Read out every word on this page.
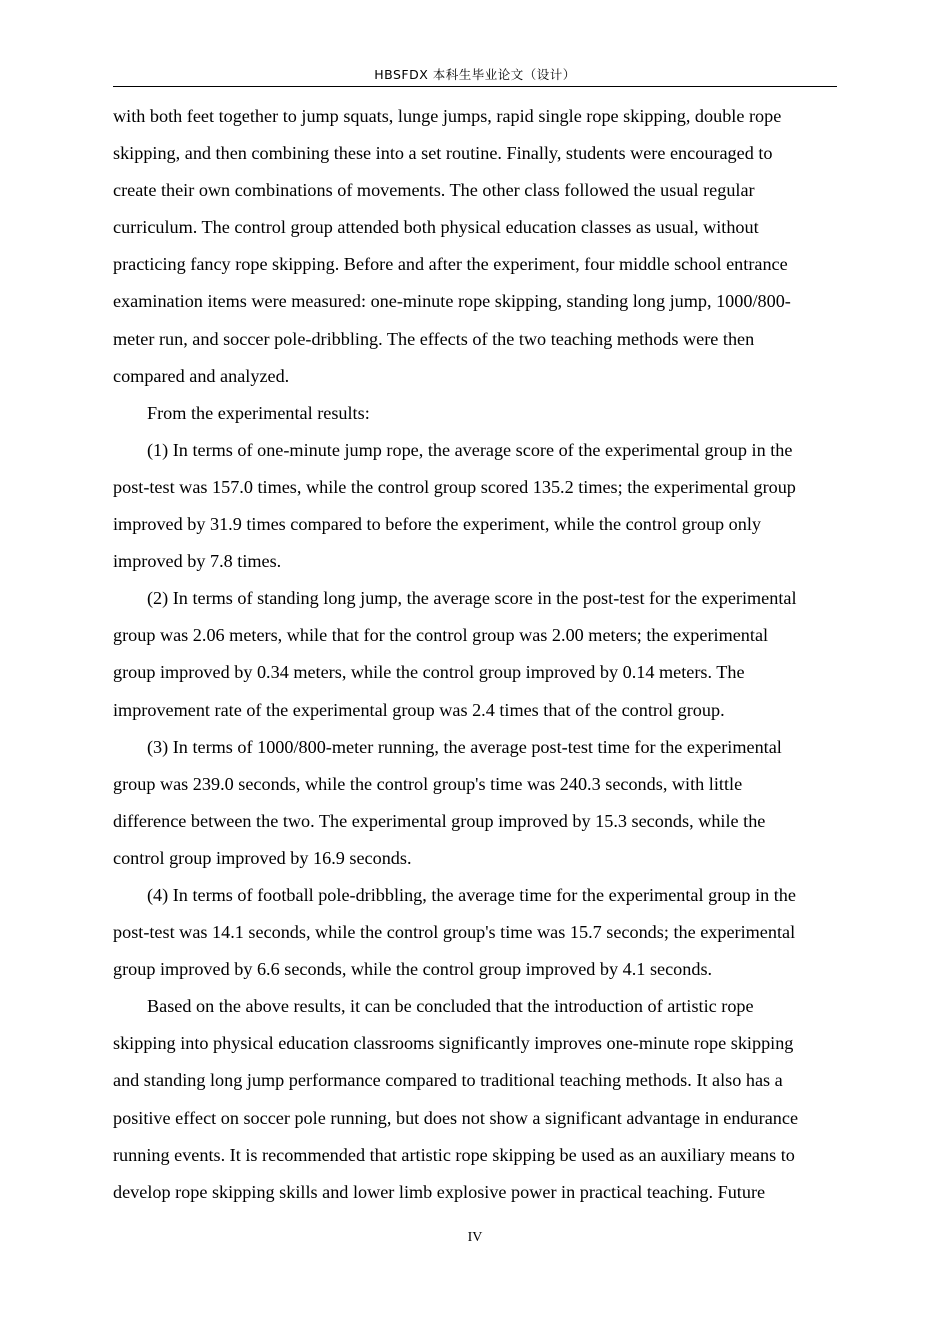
HBSFDX 本科生毕业论文（设计）

with both feet together to jump squats, lunge jumps, rapid single rope skipping, double rope

skipping, and then combining these into a set routine. Finally, students were encouraged to

create their own combinations of movements. The other class followed the usual regular

curriculum. The control group attended both physical education classes as usual, without

practicing fancy rope skipping. Before and after the experiment, four middle school entrance

examination items were measured: one-minute rope skipping, standing long jump, 1000/800-

meter run, and soccer pole-dribbling. The effects of the two teaching methods were then

compared and analyzed.

From the experimental results:

(1) In terms of one-minute jump rope, the average score of the experimental group in the

post-test was 157.0 times, while the control group scored 135.2 times; the experimental group

improved by 31.9 times compared to before the experiment, while the control group only

improved by 7.8 times.

(2) In terms of standing long jump, the average score in the post-test for the experimental

group was 2.06 meters, while that for the control group was 2.00 meters; the experimental

group improved by 0.34 meters, while the control group improved by 0.14 meters. The

improvement rate of the experimental group was 2.4 times that of the control group.

(3) In terms of 1000/800-meter running, the average post-test time for the experimental

group was 239.0 seconds, while the control group's time was 240.3 seconds, with little

difference between the two. The experimental group improved by 15.3 seconds, while the

control group improved by 16.9 seconds.

(4) In terms of football pole-dribbling, the average time for the experimental group in the

post-test was 14.1 seconds, while the control group's time was 15.7 seconds; the experimental

group improved by 6.6 seconds, while the control group improved by 4.1 seconds.

Based on the above results, it can be concluded that the introduction of artistic rope

skipping into physical education classrooms significantly improves one-minute rope skipping

and standing long jump performance compared to traditional teaching methods. It also has a

positive effect on soccer pole running, but does not show a significant advantage in endurance

running events. It is recommended that artistic rope skipping be used as an auxiliary means to

develop rope skipping skills and lower limb explosive power in practical teaching. Future

IV
